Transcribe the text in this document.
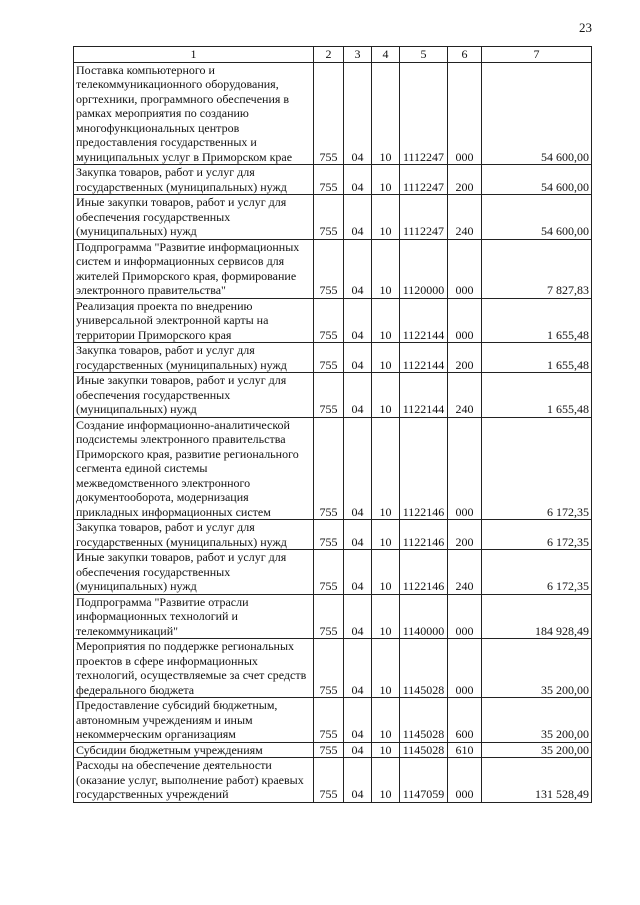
23
1	2	3	4	5	6	7
Поставка компьютерного и телекоммуникационного оборудования, оргтехники, программного обеспечения в рамках мероприятия по созданию многофункциональных центров предоставления государственных и муниципальных услуг в Приморском крае	755	04	10	1112247	000	54 600,00
Закупка товаров, работ и услуг для государственных (муниципальных) нужд	755	04	10	1112247	200	54 600,00
Иные закупки товаров, работ и услуг для обеспечения государственных (муниципальных) нужд	755	04	10	1112247	240	54 600,00
Подпрограмма "Развитие информационных систем и информационных сервисов для жителей Приморского края, формирование электронного правительства"	755	04	10	1120000	000	7 827,83
Реализация проекта по внедрению универсальной электронной карты на территории Приморского края	755	04	10	1122144	000	1 655,48
Закупка товаров, работ и услуг для государственных (муниципальных) нужд	755	04	10	1122144	200	1 655,48
Иные закупки товаров, работ и услуг для обеспечения государственных (муниципальных) нужд	755	04	10	1122144	240	1 655,48
Создание информационно-аналитической подсистемы электронного правительства Приморского края, развитие регионального сегмента единой системы межведомственного электронного документооборота, модернизация прикладных информационных систем	755	04	10	1122146	000	6 172,35
Закупка товаров, работ и услуг для государственных (муниципальных) нужд	755	04	10	1122146	200	6 172,35
Иные закупки товаров, работ и услуг для обеспечения государственных (муниципальных) нужд	755	04	10	1122146	240	6 172,35
Подпрограмма "Развитие отрасли информационных технологий и телекоммуникаций"	755	04	10	1140000	000	184 928,49
Мероприятия по поддержке региональных проектов в сфере информационных технологий, осуществляемые за счет средств федерального бюджета	755	04	10	1145028	000	35 200,00
Предоставление субсидий бюджетным, автономным учреждениям и иным некоммерческим организациям	755	04	10	1145028	600	35 200,00
Субсидии бюджетным учреждениям	755	04	10	1145028	610	35 200,00
Расходы на обеспечение деятельности (оказание услуг, выполнение работ) краевых государственных учреждений	755	04	10	1147059	000	131 528,49
